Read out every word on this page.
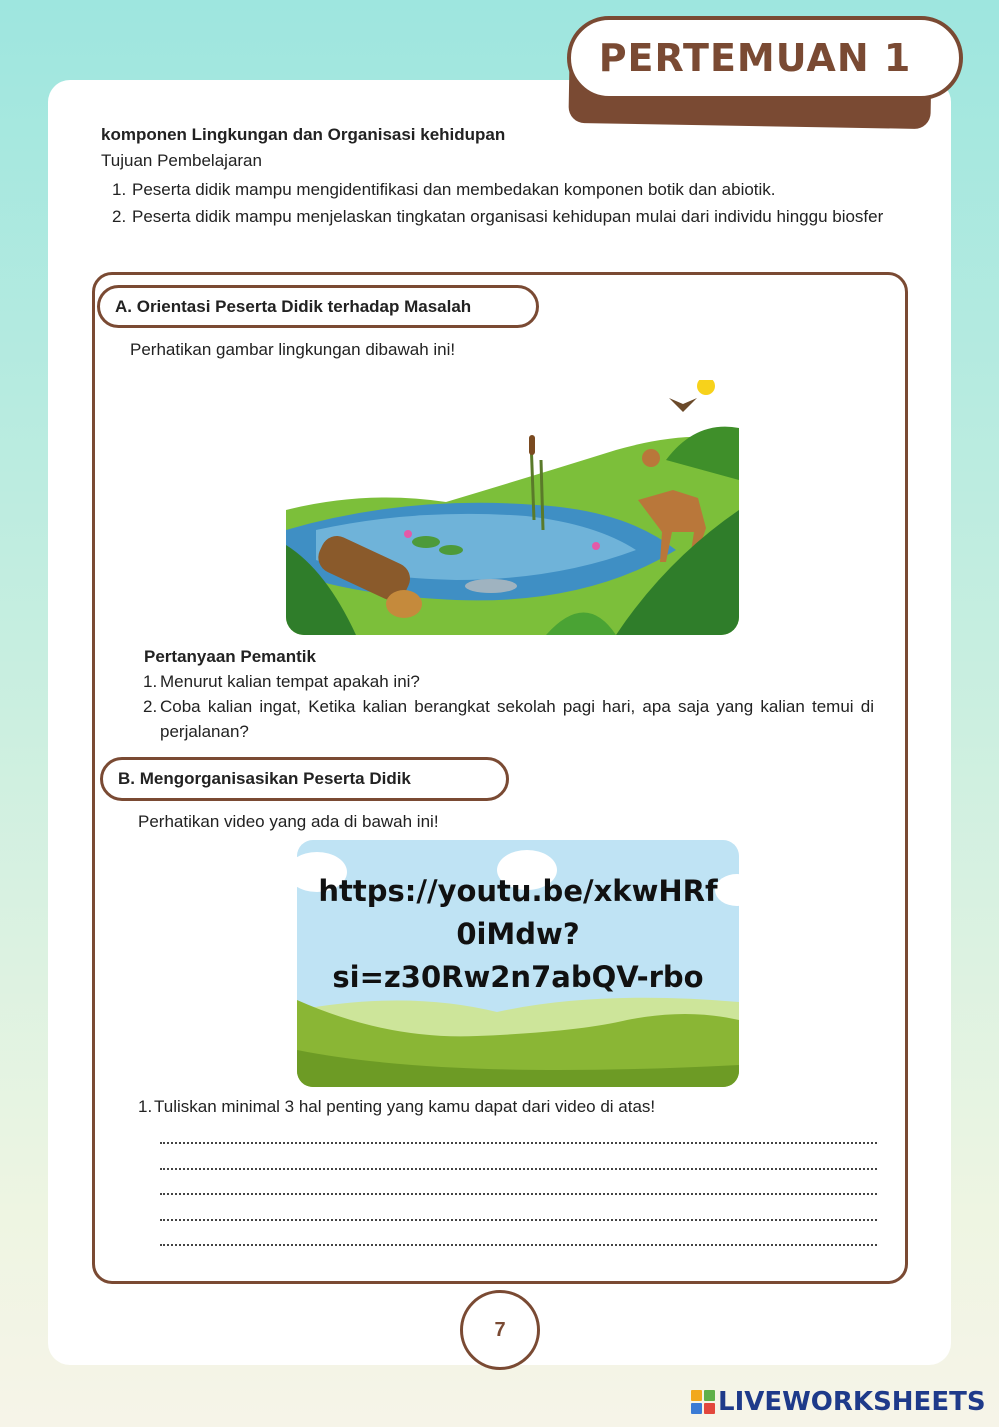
PERTEMUAN 1
komponen Lingkungan dan Organisasi kehidupan
Tujuan Pembelajaran
1. Peserta didik mampu mengidentifikasi dan membedakan komponen botik dan abiotik.
2. Peserta didik mampu menjelaskan tingkatan organisasi kehidupan mulai dari individu hinggu biosfer
A. Orientasi Peserta Didik terhadap Masalah
Perhatikan gambar lingkungan dibawah ini!
Pertanyaan Pemantik
1. Menurut kalian tempat apakah ini?
2. Coba kalian ingat, Ketika kalian berangkat sekolah pagi hari, apa saja yang kalian temui di perjalanan?
B. Mengorganisasikan Peserta Didik
Perhatikan video yang ada di bawah ini!
https://youtu.be/xkwHRf
0iMdw?
si=z30Rw2n7abQV-rbo
1. Tuliskan minimal 3 hal penting yang kamu dapat dari video di atas!
7
LIVEWORKSHEETS
